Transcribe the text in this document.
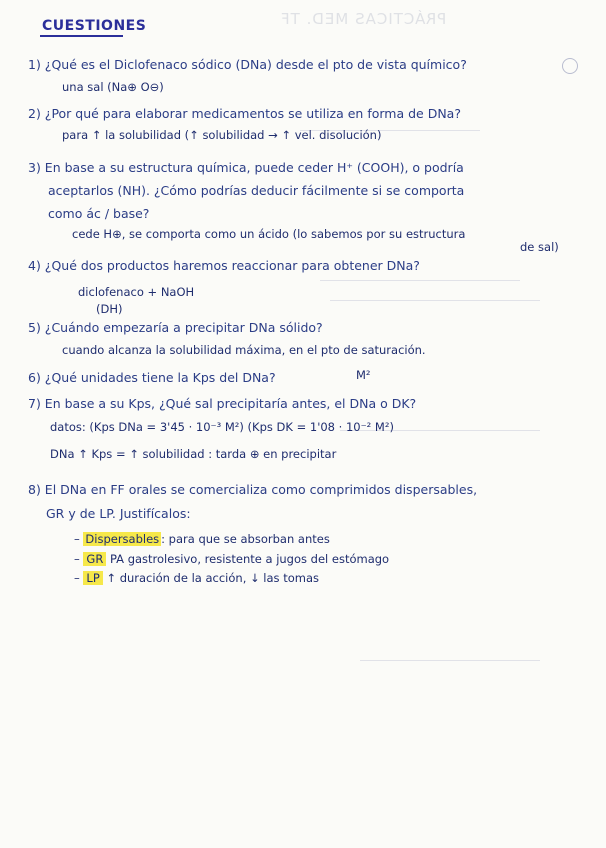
PRÁCTICAS MED. TF
CUESTIONES
1) ¿Qué es el Diclofenaco sódico (DNa) desde el pto de vista químico?
una sal (Na⊕ O⊖)
2) ¿Por qué para elaborar medicamentos se utiliza en forma de DNa?
para ↑ la solubilidad (↑ solubilidad → ↑ vel. disolución)
3) En base a su estructura química, puede ceder H⁺ (COOH), o podría
aceptarlos (NH). ¿Cómo podrías deducir fácilmente si se comporta
como ác / base?
cede H⊕, se comporta como un ácido (lo sabemos por su estructura
de sal)
4) ¿Qué dos productos haremos reaccionar para obtener DNa?
diclofenaco + NaOH
(DH)
5) ¿Cuándo empezaría a precipitar DNa sólido?
cuando alcanza la solubilidad máxima, en el pto de saturación.
6) ¿Qué unidades tiene la Kps del DNa?	M²
7) En base a su Kps, ¿Qué sal precipitaría antes, el DNa o DK?
datos: (Kps DNa = 3'45 · 10⁻³ M²) (Kps DK = 1'08 · 10⁻² M²)
DNa ↑ Kps = ↑ solubilidad : tarda ⊕ en precipitar
8) El DNa en FF orales se comercializa como comprimidos dispersables,
GR y de LP. Justifícalos:
– Dispersables : para que se absorban antes
– GR PA gastrolesivo, resistente a jugos del estómago
– LP ↑ duración de la acción, ↓ las tomas
